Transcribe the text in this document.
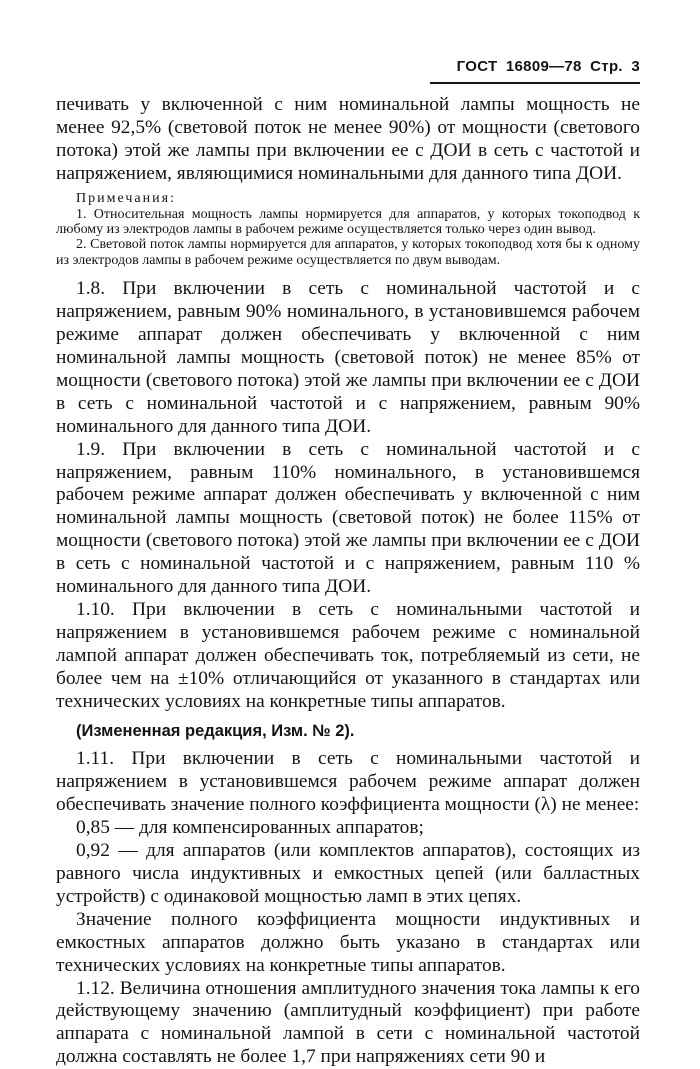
ГОСТ 16809—78 Стр. 3

печивать у включенной с ним номинальной лампы мощность не менее 92,5% (световой поток не менее 90%) от мощности (светового потока) этой же лампы при включении ее с ДОИ в сеть с частотой и напряжением, являющимися номинальными для данного типа ДОИ.

Примечания:
1. Относительная мощность лампы нормируется для аппаратов, у которых токоподвод к любому из электродов лампы в рабочем режиме осуществляется только через один вывод.
2. Световой поток лампы нормируется для аппаратов, у которых токоподвод хотя бы к одному из электродов лампы в рабочем режиме осуществляется по двум выводам.

1.8. При включении в сеть с номинальной частотой и с напряжением, равным 90% номинального, в установившемся рабочем режиме аппарат должен обеспечивать у включенной с ним номинальной лампы мощность (световой поток) не менее 85% от мощности (светового потока) этой же лампы при включении ее с ДОИ в сеть с номинальной частотой и с напряжением, равным 90% номинального для данного типа ДОИ.

1.9. При включении в сеть с номинальной частотой и с напряжением, равным 110% номинального, в установившемся рабочем режиме аппарат должен обеспечивать у включенной с ним номинальной лампы мощность (световой поток) не более 115% от мощности (светового потока) этой же лампы при включении ее с ДОИ в сеть с номинальной частотой и с напряжением, равным 110 % номинального для данного типа ДОИ.

1.10. При включении в сеть с номинальными частотой и напряжением в установившемся рабочем режиме с номинальной лампой аппарат должен обеспечивать ток, потребляемый из сети, не более чем на ±10% отличающийся от указанного в стандартах или технических условиях на конкретные типы аппаратов.

(Измененная редакция, Изм. № 2).

1.11. При включении в сеть с номинальными частотой и напряжением в установившемся рабочем режиме аппарат должен обеспечивать значение полного коэффициента мощности (λ) не менее:

0,85 — для компенсированных аппаратов;

0,92 — для аппаратов (или комплектов аппаратов), состоящих из равного числа индуктивных и емкостных цепей (или балластных устройств) с одинаковой мощностью ламп в этих цепях.

Значение полного коэффициента мощности индуктивных и емкостных аппаратов должно быть указано в стандартах или технических условиях на конкретные типы аппаратов.

1.12. Величина отношения амплитудного значения тока лампы к его действующему значению (амплитудный коэффициент) при работе аппарата с номинальной лампой в сети с номинальной частотой должна составлять не более 1,7 при напряжениях сети 90 и
